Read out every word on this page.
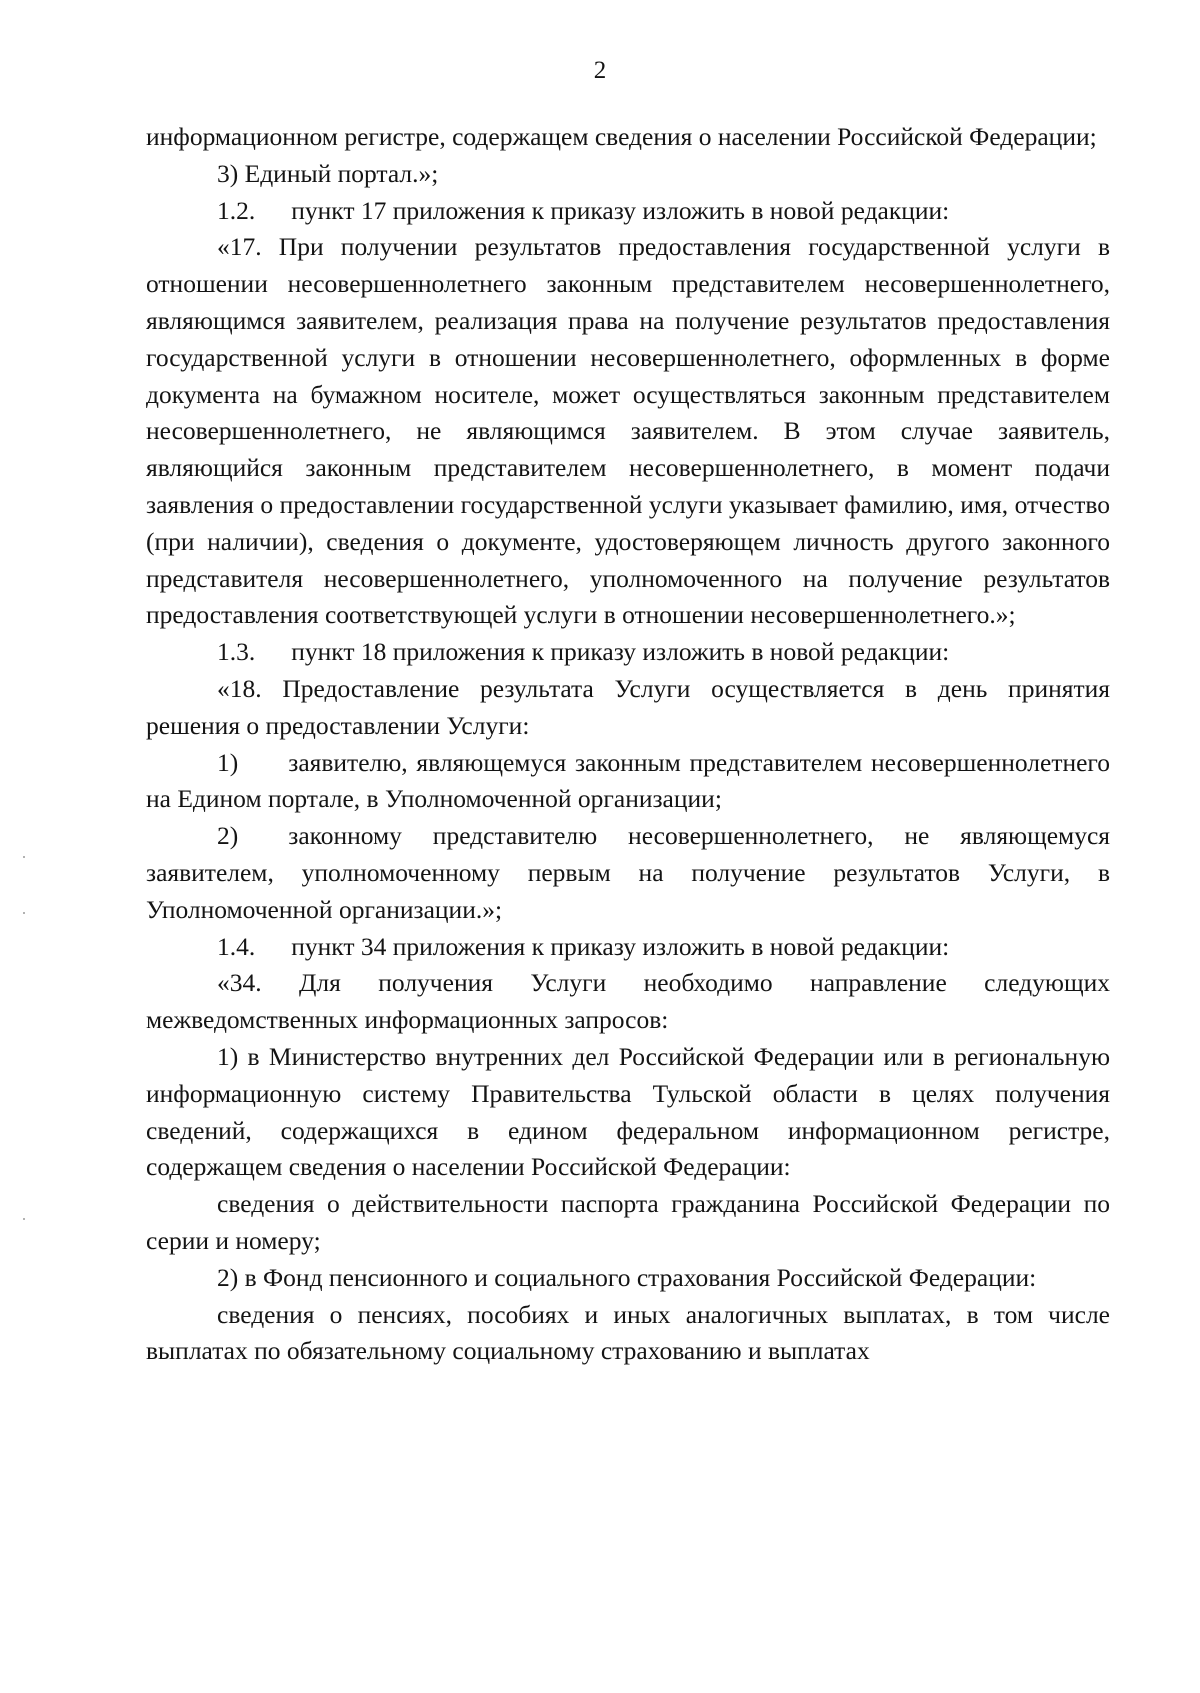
2

информационном регистре, содержащем сведения о населении Российской Федерации;

3) Единый портал.»;

1.2. пункт 17 приложения к приказу изложить в новой редакции:

«17. При получении результатов предоставления государственной услуги в отношении несовершеннолетнего законным представителем несовершеннолетнего, являющимся заявителем, реализация права на получение результатов предоставления государственной услуги в отношении несовершеннолетнего, оформленных в форме документа на бумажном носителе, может осуществляться законным представителем несовершеннолетнего, не являющимся заявителем. В этом случае заявитель, являющийся законным представителем несовершеннолетнего, в момент подачи заявления о предоставлении государственной услуги указывает фамилию, имя, отчество (при наличии), сведения о документе, удостоверяющем личность другого законного представителя несовершеннолетнего, уполномоченного на получение результатов предоставления соответствующей услуги в отношении несовершеннолетнего.»;

1.3. пункт 18 приложения к приказу изложить в новой редакции:

«18. Предоставление результата Услуги осуществляется в день принятия решения о предоставлении Услуги:

1) заявителю, являющемуся законным представителем несовершеннолетнего на Едином портале, в Уполномоченной организации;

2) законному представителю несовершеннолетнего, не являющемуся заявителем, уполномоченному первым на получение результатов Услуги, в Уполномоченной организации.»;

1.4. пункт 34 приложения к приказу изложить в новой редакции:

«34. Для получения Услуги необходимо направление следующих межведомственных информационных запросов:

1) в Министерство внутренних дел Российской Федерации или в региональную информационную систему Правительства Тульской области в целях получения сведений, содержащихся в едином федеральном информационном регистре, содержащем сведения о населении Российской Федерации:

сведения о действительности паспорта гражданина Российской Федерации по серии и номеру;

2) в Фонд пенсионного и социального страхования Российской Федерации:

сведения о пенсиях, пособиях и иных аналогичных выплатах, в том числе выплатах по обязательному социальному страхованию и выплатах
